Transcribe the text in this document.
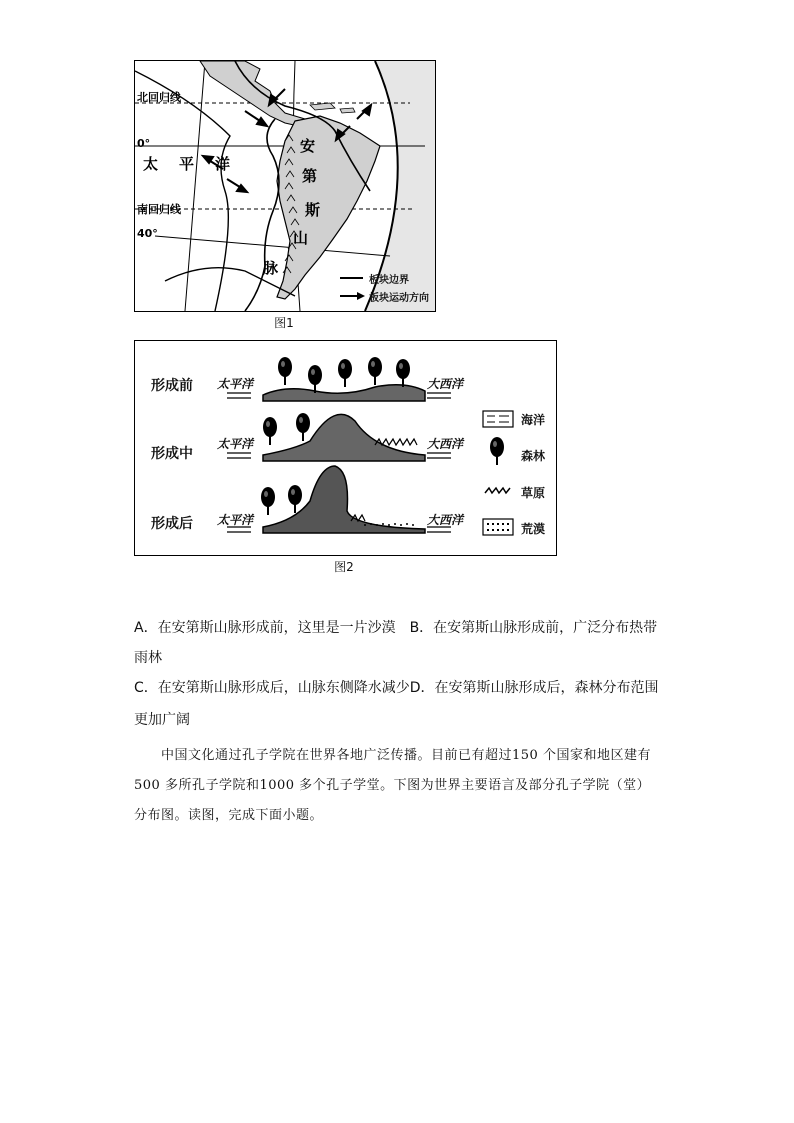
北回归线
0°
南回归线
40°
太 平 洋
安
第
斯
山
脉
板块边界
板块运动方向
图1
形成前 太平洋	大西洋
形成中
太平洋	大西洋
形成后 太平洋	大西洋
海洋
森林
草原
荒漠
图2
A．在安第斯山脉形成前，这里是一片沙漠　B．在安第斯山脉形成前，广泛分布热带
雨林
C．在安第斯山脉形成后，山脉东侧降水减少D．在安第斯山脉形成后，森林分布范围
更加广阔
　　中国文化通过孔子学院在世界各地广泛传播。目前已有超过150 个国家和地区建有
500 多所孔子学院和1000 多个孔子学堂。下图为世界主要语言及部分孔子学院（堂）
分布图。读图，完成下面小题。
